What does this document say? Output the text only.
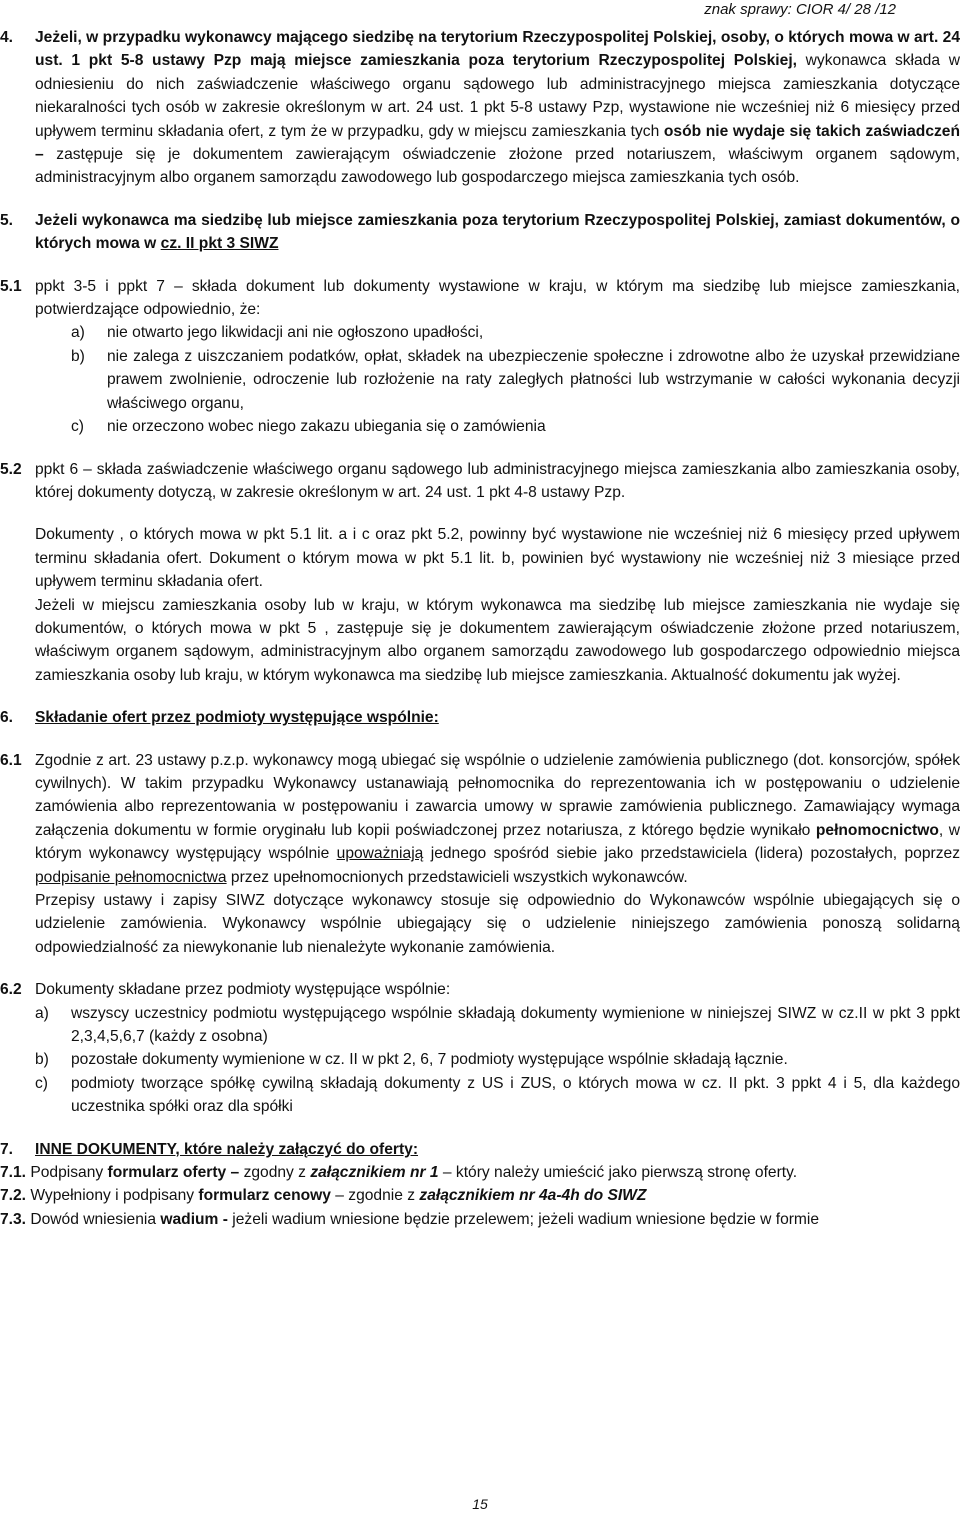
znak sprawy: CIOR 4/ 28 /12

4. Jeżeli, w przypadku wykonawcy mającego siedzibę na terytorium Rzeczypospolitej Polskiej, osoby, o których mowa w art. 24 ust. 1 pkt 5-8 ustawy Pzp mają miejsce zamieszkania poza terytorium Rzeczypospolitej Polskiej, wykonawca składa w odniesieniu do nich zaświadczenie właściwego organu sądowego lub administracyjnego miejsca zamieszkania dotyczące niekaralności tych osób w zakresie określonym w art. 24 ust. 1 pkt 5-8 ustawy Pzp, wystawione nie wcześniej niż 6 miesięcy przed upływem terminu składania ofert, z tym że w przypadku, gdy w miejscu zamieszkania tych osób nie wydaje się takich zaświadczeń – zastępuje się je dokumentem zawierającym oświadczenie złożone przed notariuszem, właściwym organem sądowym, administracyjnym albo organem samorządu zawodowego lub gospodarczego miejsca zamieszkania tych osób.

5. Jeżeli wykonawca ma siedzibę lub miejsce zamieszkania poza terytorium Rzeczypospolitej Polskiej, zamiast dokumentów, o których mowa w cz. II pkt 3 SIWZ

5.1 ppkt 3-5 i ppkt 7 – składa dokument lub dokumenty wystawione w kraju, w którym ma siedzibę lub miejsce zamieszkania, potwierdzające odpowiednio, że:

a) nie otwarto jego likwidacji ani nie ogłoszono upadłości,

b) nie zalega z uiszczaniem podatków, opłat, składek na ubezpieczenie społeczne i zdrowotne albo że uzyskał przewidziane prawem zwolnienie, odroczenie lub rozłożenie na raty zaległych płatności lub wstrzymanie w całości wykonania decyzji właściwego organu,

c) nie orzeczono wobec niego zakazu ubiegania się o zamówienia

5.2 ppkt 6 – składa zaświadczenie właściwego organu sądowego lub administracyjnego miejsca zamieszkania albo zamieszkania osoby, której dokumenty dotyczą, w zakresie określonym w art. 24 ust. 1 pkt 4-8 ustawy Pzp.

Dokumenty , o których mowa w pkt 5.1 lit. a i c oraz pkt 5.2, powinny być wystawione nie wcześniej niż 6 miesięcy przed upływem terminu składania ofert. Dokument o którym mowa w pkt 5.1 lit. b, powinien być wystawiony nie wcześniej niż 3 miesiące przed upływem terminu składania ofert.

Jeżeli w miejscu zamieszkania osoby lub w kraju, w którym wykonawca ma siedzibę lub miejsce zamieszkania nie wydaje się dokumentów, o których mowa w pkt 5 , zastępuje się je dokumentem zawierającym oświadczenie złożone przed notariuszem, właściwym organem sądowym, administracyjnym albo organem samorządu zawodowego lub gospodarczego odpowiednio miejsca zamieszkania osoby lub kraju, w którym wykonawca ma siedzibę lub miejsce zamieszkania. Aktualność dokumentu jak wyżej.

6. Składanie ofert przez podmioty występujące wspólnie:

6.1 Zgodnie z art. 23 ustawy p.z.p. wykonawcy mogą ubiegać się wspólnie o udzielenie zamówienia publicznego (dot. konsorcjów, spółek cywilnych). W takim przypadku Wykonawcy ustanawiają pełnomocnika do reprezentowania ich w postępowaniu o udzielenie zamówienia albo reprezentowania w postępowaniu i zawarcia umowy w sprawie zamówienia publicznego. Zamawiający wymaga załączenia dokumentu w formie oryginału lub kopii poświadczonej przez notariusza, z którego będzie wynikało pełnomocnictwo, w którym wykonawcy występujący wspólnie upoważniają jednego spośród siebie jako przedstawiciela (lidera) pozostałych, poprzez podpisanie pełnomocnictwa przez upełnomocnionych przedstawicieli wszystkich wykonawców.

Przepisy ustawy i zapisy SIWZ dotyczące wykonawcy stosuje się odpowiednio do Wykonawców wspólnie ubiegających się o udzielenie zamówienia. Wykonawcy wspólnie ubiegający się o udzielenie niniejszego zamówienia ponoszą solidarną odpowiedzialność za niewykonanie lub nienależyte wykonanie zamówienia.

6.2 Dokumenty składane przez podmioty występujące wspólnie:

a) wszyscy uczestnicy podmiotu występującego wspólnie składają dokumenty wymienione w niniejszej SIWZ w cz.II w pkt 3 ppkt 2,3,4,5,6,7 (każdy z osobna)

b) pozostałe dokumenty wymienione w cz. II w pkt 2, 6, 7 podmioty występujące wspólnie składają łącznie.

c) podmioty tworzące spółkę cywilną składają dokumenty z US i ZUS, o których mowa w cz. II pkt. 3 ppkt 4 i 5, dla każdego uczestnika spółki oraz dla spółki

7. INNE DOKUMENTY, które należy załączyć do oferty:

7.1. Podpisany formularz oferty – zgodny z załącznikiem nr 1 – który należy umieścić jako pierwszą stronę oferty.

7.2. Wypełniony i podpisany formularz cenowy – zgodnie z załącznikiem nr 4a-4h do SIWZ

7.3. Dowód wniesienia wadium - jeżeli wadium wniesione będzie przelewem; jeżeli wadium wniesione będzie w formie

15
